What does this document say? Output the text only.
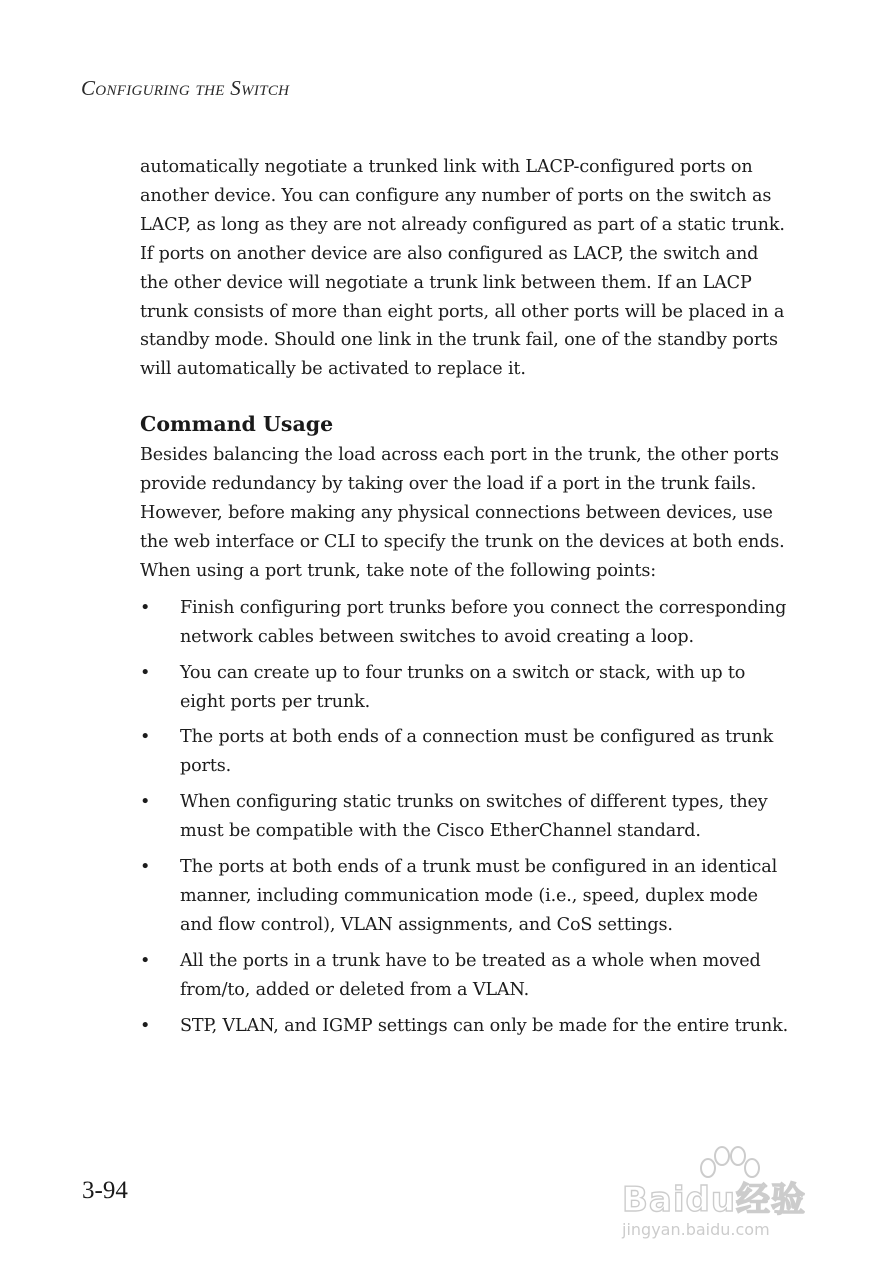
Configuring the Switch

automatically negotiate a trunked link with LACP-configured ports on another device. You can configure any number of ports on the switch as LACP, as long as they are not already configured as part of a static trunk. If ports on another device are also configured as LACP, the switch and the other device will negotiate a trunk link between them. If an LACP trunk consists of more than eight ports, all other ports will be placed in a standby mode. Should one link in the trunk fail, one of the standby ports will automatically be activated to replace it.

Command Usage

Besides balancing the load across each port in the trunk, the other ports provide redundancy by taking over the load if a port in the trunk fails. However, before making any physical connections between devices, use the web interface or CLI to specify the trunk on the devices at both ends. When using a port trunk, take note of the following points:

• Finish configuring port trunks before you connect the corresponding network cables between switches to avoid creating a loop.
• You can create up to four trunks on a switch or stack, with up to eight ports per trunk.
• The ports at both ends of a connection must be configured as trunk ports.
• When configuring static trunks on switches of different types, they must be compatible with the Cisco EtherChannel standard.
• The ports at both ends of a trunk must be configured in an identical manner, including communication mode (i.e., speed, duplex mode and flow control), VLAN assignments, and CoS settings.
• All the ports in a trunk have to be treated as a whole when moved from/to, added or deleted from a VLAN.
• STP, VLAN, and IGMP settings can only be made for the entire trunk.
3-94	Baidu经验
jingyan.baidu.com
